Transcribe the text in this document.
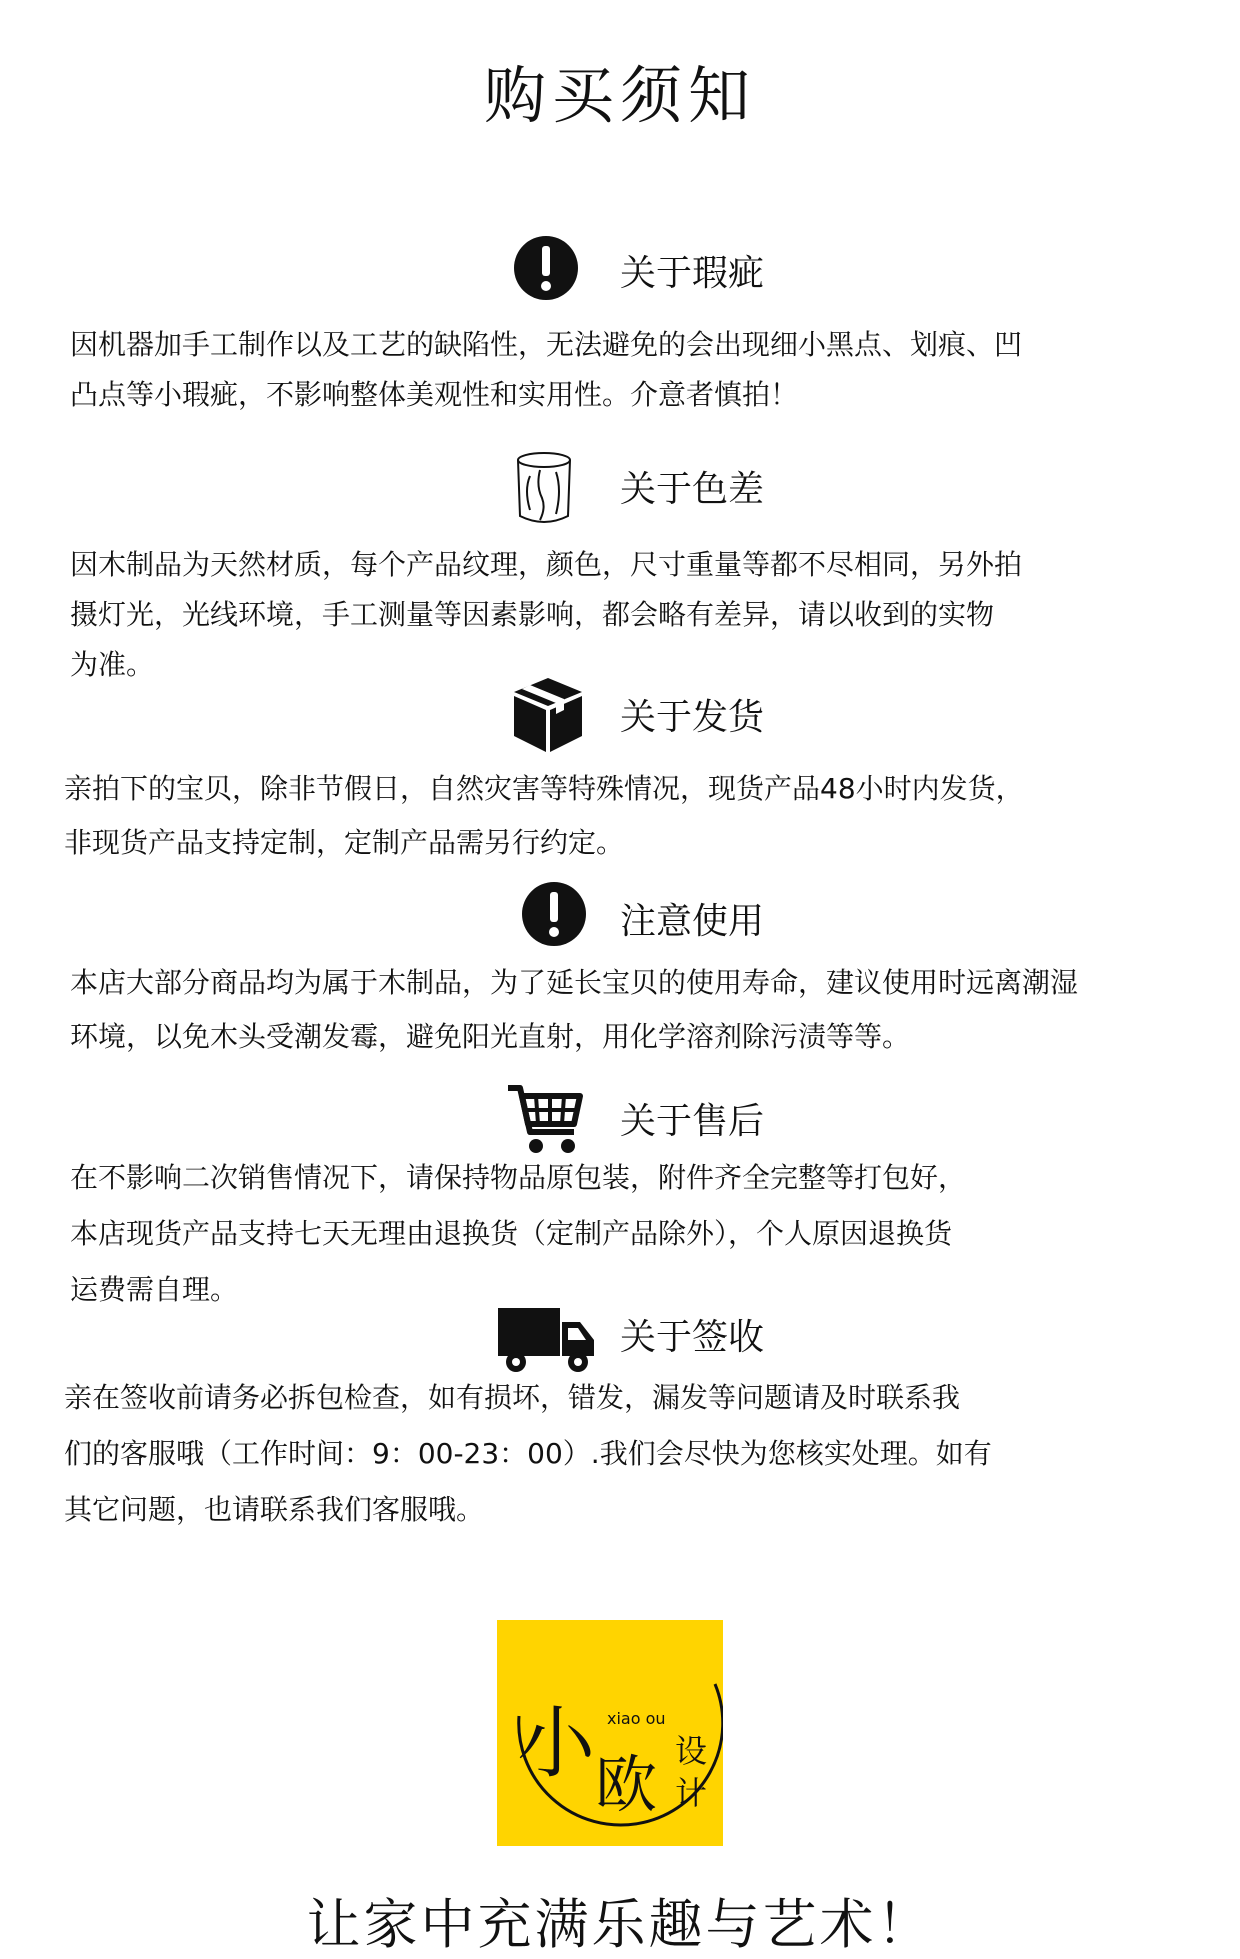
购买须知
关于瑕疵
因机器加手工制作以及工艺的缺陷性，无法避免的会出现细小黑点、划痕、凹
凸点等小瑕疵，不影响整体美观性和实用性。介意者慎拍！
关于色差
因木制品为天然材质，每个产品纹理，颜色，尺寸重量等都不尽相同，另外拍
摄灯光，光线环境，手工测量等因素影响，都会略有差异，请以收到的实物
为准。
关于发货
亲拍下的宝贝，除非节假日，自然灾害等特殊情况，现货产品48小时内发货，
非现货产品支持定制，定制产品需另行约定。
注意使用
本店大部分商品均为属于木制品，为了延长宝贝的使用寿命，建议使用时远离潮湿
环境，以免木头受潮发霉，避免阳光直射，用化学溶剂除污渍等等。
关于售后
在不影响二次销售情况下，请保持物品原包装，附件齐全完整等打包好，
本店现货产品支持七天无理由退换货（定制产品除外），个人原因退换货
运费需自理。
关于签收
亲在签收前请务必拆包检查，如有损坏，错发，漏发等问题请及时联系我
们的客服哦（工作时间：9：00-23：00）.我们会尽快为您核实处理。如有
其它问题，也请联系我们客服哦。
小 xiao ou
欧 设
计
让家中充满乐趣与艺术！
